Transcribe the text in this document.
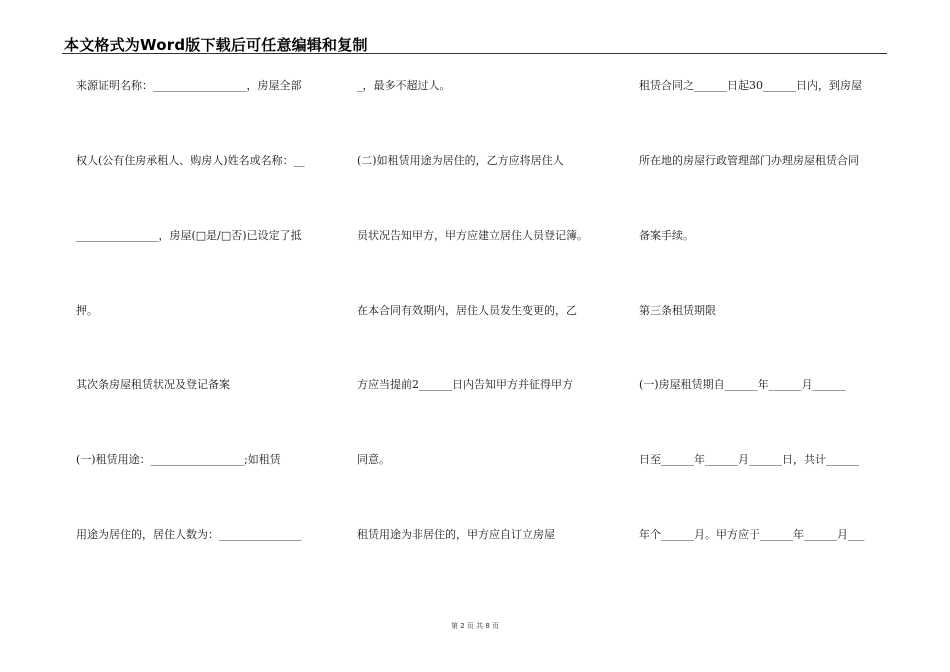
本文格式为Word版下载后可任意编辑和复制
来源证明名称：_________________，房屋全部
权人(公有住房承租人、购房人)姓名或名称：__
_______________，房屋(□是/□否)已设定了抵
押。
其次条房屋租赁状况及登记备案
(一)租赁用途：_________________;如租赁
用途为居住的，居住人数为：_______________
_，最多不超过人。
(二)如租赁用途为居住的，乙方应将居住人
员状况告知甲方，甲方应建立居住人员登记簿。
在本合同有效期内，居住人员发生变更的，乙
方应当提前2______日内告知甲方并征得甲方
同意。
租赁用途为非居住的，甲方应自订立房屋
租赁合同之______日起30______日内，到房屋
所在地的房屋行政管理部门办理房屋租赁合同
备案手续。
第三条租赁期限
(一)房屋租赁期自______年______月______
日至______年______月______日，共计______
年个______月。甲方应于______年______月___
第 2 页 共 8 页
